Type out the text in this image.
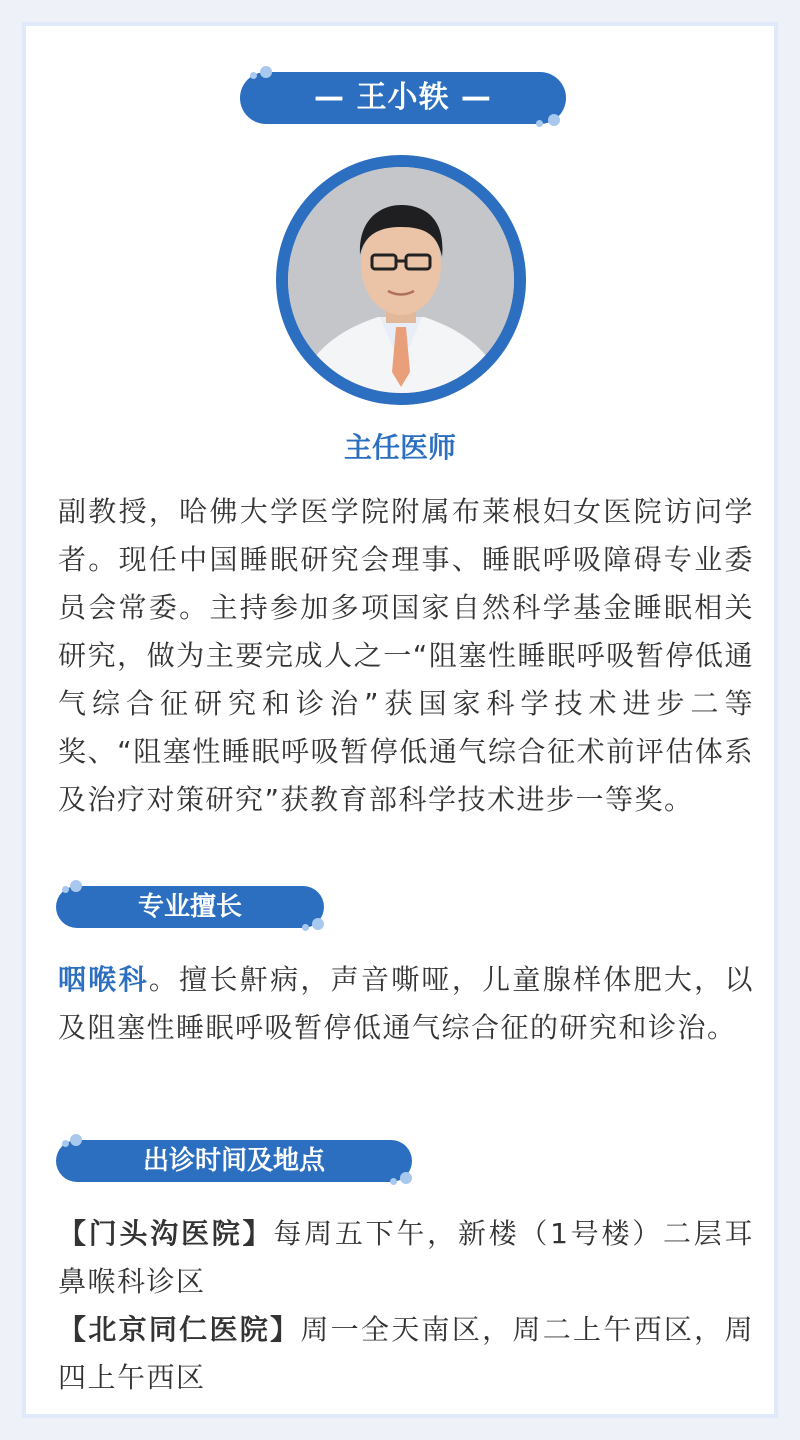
— 王小轶 —
主任医师
副教授，哈佛大学医学院附属布莱根妇女医院访问学者。现任中国睡眠研究会理事、睡眠呼吸障碍专业委员会常委。主持参加多项国家自然科学基金睡眠相关研究，做为主要完成人之一“阻塞性睡眠呼吸暂停低通气综合征研究和诊治”获国家科学技术进步二等奖、“阻塞性睡眠呼吸暂停低通气综合征术前评估体系及治疗对策研究”获教育部科学技术进步一等奖。
专业擅长
咽喉科。擅长鼾病，声音嘶哑，儿童腺样体肥大，以及阻塞性睡眠呼吸暂停低通气综合征的研究和诊治。
出诊时间及地点
【门头沟医院】每周五下午，新楼（1号楼）二层耳鼻喉科诊区
【北京同仁医院】周一全天南区，周二上午西区，周四上午西区
